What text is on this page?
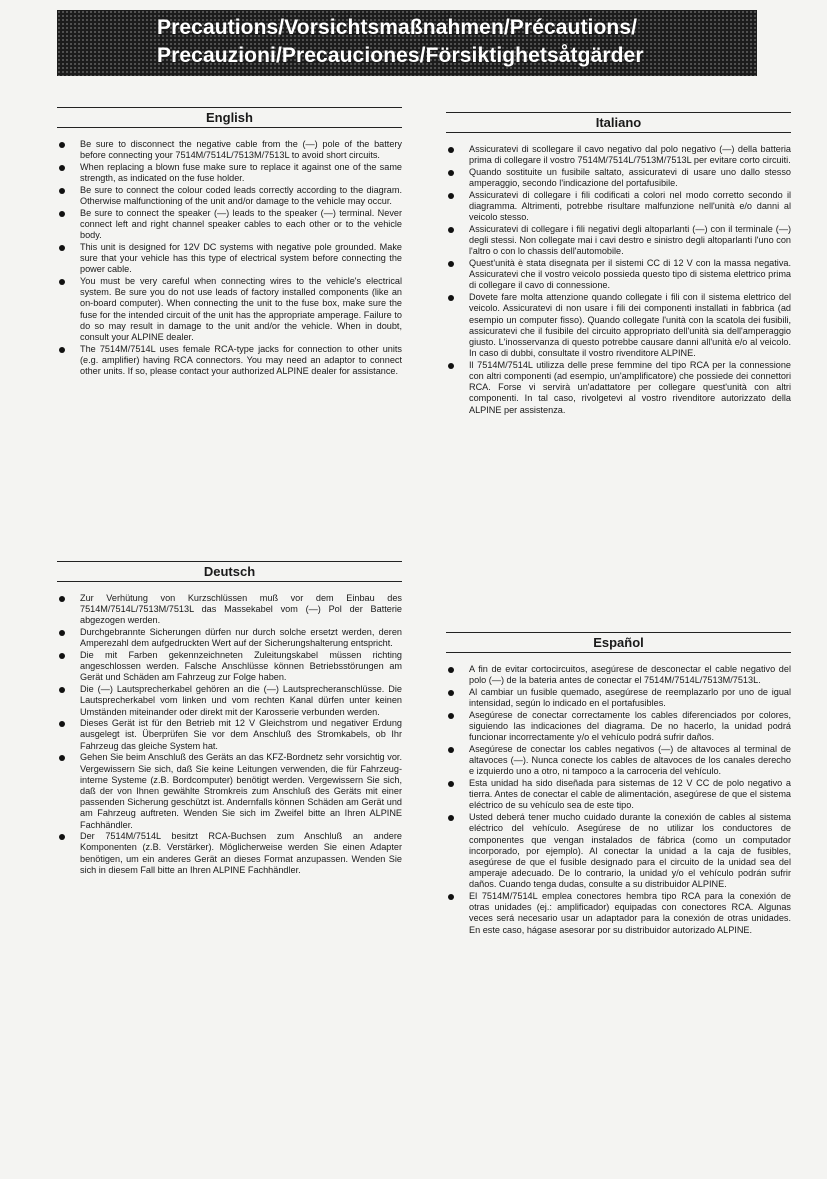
Precautions/Vorsichtsmaßnahmen/Précautions/
Precauzioni/Precauciones/Försiktighetsåtgärder
English
Be sure to disconnect the negative cable from the (—) pole of the battery before connecting your 7514M/7514L/7513M/7513L to avoid short circuits.
When replacing a blown fuse make sure to replace it against one of the same strength, as indicated on the fuse holder.
Be sure to connect the colour coded leads correctly according to the diagram. Otherwise malfunctioning of the unit and/or damage to the vehicle may occur.
Be sure to connect the speaker (—) leads to the speaker (—) terminal. Never connect left and right channel speaker cables to each other or to the vehicle body.
This unit is designed for 12V DC systems with negative pole grounded. Make sure that your vehicle has this type of electrical system before connecting the power cable.
You must be very careful when connecting wires to the vehicle's electrical system. Be sure you do not use leads of factory installed components (like an on-board computer). When connecting the unit to the fuse box, make sure the fuse for the intended circuit of the unit has the appropriate amperage. Failure to do so may result in damage to the unit and/or the vehicle. When in doubt, consult your ALPINE dealer.
The 7514M/7514L uses female RCA-type jacks for connection to other units (e.g. amplifier) having RCA connectors. You may need an adaptor to connect other units. If so, please contact your authorized ALPINE dealer for assistance.
Deutsch
Zur Verhütung von Kurzschlüssen muß vor dem Einbau des 7514M/7514L/7513M/7513L das Massekabel vom (—) Pol der Batterie abgezogen werden.
Durchgebrannte Sicherungen dürfen nur durch solche ersetzt werden, deren Amperezahl dem aufgedruckten Wert auf der Sicherungshalterung entspricht.
Die mit Farben gekennzeichneten Zuleitungskabel müssen richting angeschlossen werden. Falsche Anschlüsse können Betriebsstörungen am Gerät und Schäden am Fahrzeug zur Folge haben.
Die (—) Lautsprecherkabel gehören an die (—) Lautsprecheranschlüsse. Die Lautsprecherkabel vom linken und vom rechten Kanal dürfen unter keinen Umständen miteinander oder direkt mit der Karosserie verbunden werden.
Dieses Gerät ist für den Betrieb mit 12 V Gleichstrom und negativer Erdung ausgelegt ist. Überprüfen Sie vor dem Anschluß des Stromkabels, ob Ihr Fahrzeug das gleiche System hat.
Gehen Sie beim Anschluß des Geräts an das KFZ-Bordnetz sehr vorsichtig vor. Vergewissern Sie sich, daß Sie keine Leitungen verwenden, die für Fahrzeug-interne Systeme (z.B. Bordcomputer) benötigt werden. Vergewissern Sie sich, daß der von Ihnen gewählte Stromkreis zum Anschluß des Geräts mit einer passenden Sicherung geschützt ist. Andernfalls können Schäden am Gerät und am Fahrzeug auftreten. Wenden Sie sich im Zweifel bitte an Ihren ALPINE Fachhändler.
Der 7514M/7514L besitzt RCA-Buchsen zum Anschluß an andere Komponenten (z.B. Verstärker). Möglicherweise werden Sie einen Adapter benötigen, um ein anderes Gerät an dieses Format anzupassen. Wenden Sie sich in diesem Fall bitte an Ihren ALPINE Fachhändler.
Italiano
Assicuratevi di scollegare il cavo negativo dal polo negativo (—) della batteria prima di collegare il vostro 7514M/7514L/7513M/7513L per evitare corto circuiti.
Quando sostituite un fusibile saltato, assicuratevi di usare uno dallo stesso amperaggio, secondo l'indicazione del portafusibile.
Assicuratevi di collegare i fili codificati a colori nel modo corretto secondo il diagramma. Altrimenti, potrebbe risultare malfunzione nell'unità e/o danni al veicolo stesso.
Assicuratevi di collegare i fili negativi degli altoparlanti (—) con il terminale (—) degli stessi. Non collegate mai i cavi destro e sinistro degli altoparlanti l'uno con l'altro o con lo chassis dell'automobile.
Quest'unità è stata disegnata per il sistemi CC di 12 V con la massa negativa. Assicuratevi che il vostro veicolo possieda questo tipo di sistema elettrico prima di collegare il cavo di connessione.
Dovete fare molta attenzione quando collegate i fili con il sistema elettrico del veicolo. Assicuratevi di non usare i fili dei componenti installati in fabbrica (ad esempio un computer fisso). Quando collegate l'unità con la scatola dei fusibili, assicuratevi che il fusibile del circuito appropriato dell'unità sia dell'amperaggio giusto. L'inosservanza di questo potrebbe causare danni all'unità e/o al veicolo. In caso di dubbi, consultate il vostro rivenditore ALPINE.
Il 7514M/7514L utilizza delle prese femmine del tipo RCA per la connessione con altri componenti (ad esempio, un'amplificatore) che possiede dei connettori RCA. Forse vi servirà un'adattatore per collegare quest'unità con altri componenti. In tal caso, rivolgetevi al vostro rivenditore autorizzato della ALPINE per assistenza.
Español
A fin de evitar cortocircuitos, asegúrese de desconectar el cable negativo del polo (—) de la bateria antes de conectar el 7514M/7514L/7513M/7513L.
Al cambiar un fusible quemado, asegúrese de reemplazarlo por uno de igual intensidad, según lo indicado en el portafusibles.
Asegúrese de conectar correctamente los cables diferenciados por colores, siguiendo las indicaciones del diagrama. De no hacerlo, la unidad podrá funcionar incorrectamente y/o el vehículo podrá sufrir daños.
Asegúrese de conectar los cables negativos (—) de altavoces al terminal de altavoces (—). Nunca conecte los cables de altavoces de los canales derecho e izquierdo uno a otro, ni tampoco a la carroceria del vehículo.
Esta unidad ha sido diseñada para sistemas de 12 V CC de polo negativo a tierra. Antes de conectar el cable de alimentación, asegúrese de que el sistema eléctrico de su vehículo sea de este tipo.
Usted deberá tener mucho cuidado durante la conexión de cables al sistema eléctrico del vehículo. Asegúrese de no utilizar los conductores de componentes que vengan instalados de fábrica (como un computador incorporado, por ejemplo). Al conectar la unidad a la caja de fusibles, asegúrese de que el fusible designado para el circuito de la unidad sea del amperaje adecuado. De lo contrario, la unidad y/o el vehículo podrán sufrir daños. Cuando tenga dudas, consulte a su distribuidor ALPINE.
El 7514M/7514L emplea conectores hembra tipo RCA para la conexión de otras unidades (ej.: amplificador) equipadas con conectores RCA. Algunas veces será necesario usar un adaptador para la conexión de otras unidades. En este caso, hágase asesorar por su distribuidor autorizado ALPINE.
